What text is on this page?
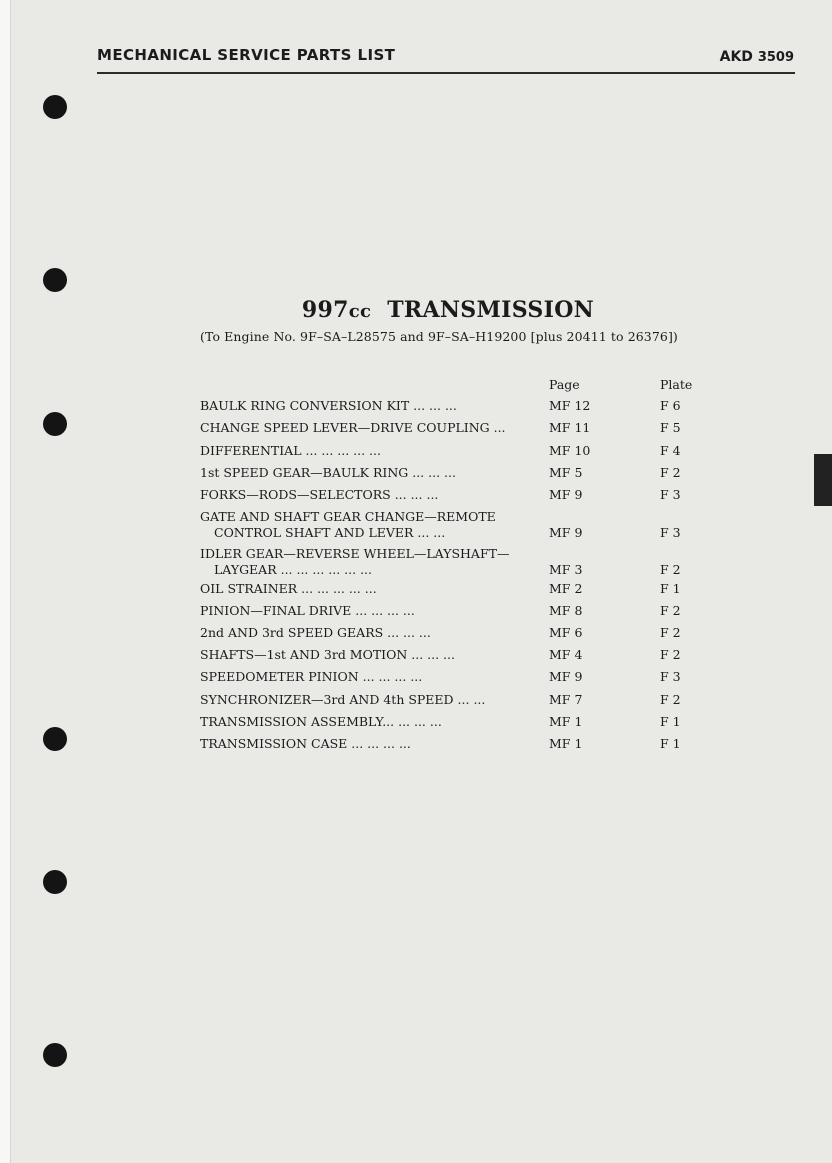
MECHANICAL SERVICE PARTS LIST	AKD 3509
997cc TRANSMISSION
(To Engine No. 9F–SA–L28575 and 9F–SA–H19200 [plus 20411 to 26376])
Page	Plate
BAULK RING CONVERSION KIT ... ... ...	MF 12	F 6
CHANGE SPEED LEVER—DRIVE COUPLING ...	MF 11	F 5
DIFFERENTIAL ... ... ... ... ...	MF 10	F 4
1st SPEED GEAR—BAULK RING ... ... ...	MF 5	F 2
FORKS—RODS—SELECTORS ... ... ...	MF 9	F 3
GATE AND SHAFT GEAR CHANGE—REMOTE
CONTROL SHAFT AND LEVER ... ...	MF 9	F 3
IDLER GEAR—REVERSE WHEEL—LAYSHAFT—
LAYGEAR ... ... ... ... ... ...	MF 3	F 2
OIL STRAINER ... ... ... ... ...	MF 2	F 1
PINION—FINAL DRIVE ... ... ... ...	MF 8	F 2
2nd AND 3rd SPEED GEARS ... ... ...	MF 6	F 2
SHAFTS—1st AND 3rd MOTION ... ... ...	MF 4	F 2
SPEEDOMETER PINION ... ... ... ...	MF 9	F 3
SYNCHRONIZER—3rd AND 4th SPEED ... ...	MF 7	F 2
TRANSMISSION ASSEMBLY... ... ... ...	MF 1	F 1
TRANSMISSION CASE ... ... ... ...	MF 1	F 1
